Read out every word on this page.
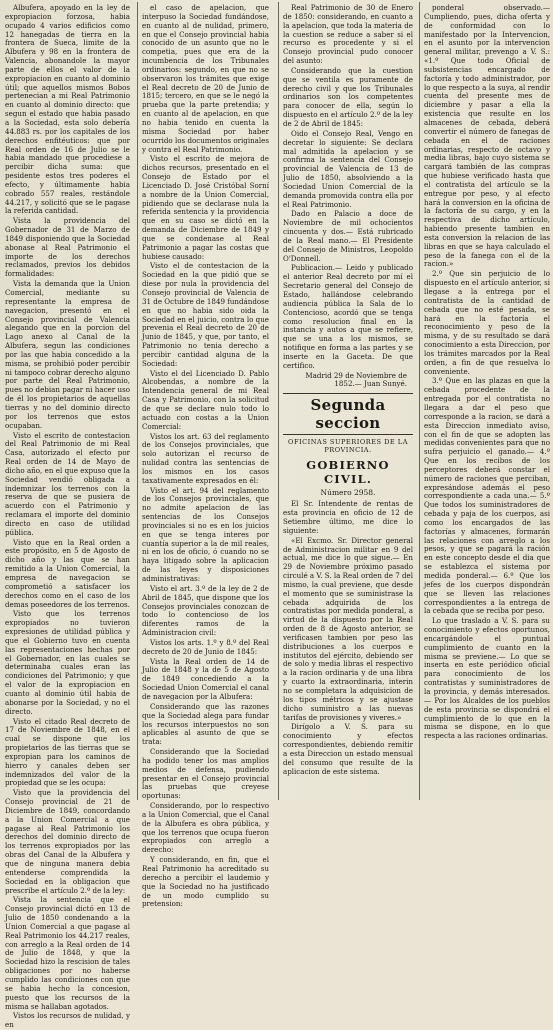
Albufera, apoyado en la ley de expropiacion forzosa, habia ocupado 4 varios edificios como 12 hanegadas de tierra en la frontera de Sueca, limite de la Albufera y 98 en la frontera de Valencia, abonandole la mayor parte de ellos el valor de la expropiacion en cuanto al dominio útil; que aquellos mismos Bobos pertenecian a mi Real Patrimonio en cuanto al dominio directo: que segun el estado que habia pasado a la Sociedad, esta solo debería 44.883 rs. por los capitales de los derechos enfitéuticos: que por Real orden de 16 de Julio se le habia mandado que procediese a percibir dicha suma: que pesidente estos tres poderes el efecto, y últimamente habia cobrado 557 reales, restándole 44.217, y solicitó que se le pagase la referida cantidad.

Vista la providencia del Gobernador de 31 de Marzo de 1849 disponiendo que la Sociedad abonase al Real Patrimonio el importe de los derechos reclamados, previos los debidos formalidades:

Vista la demanda que la Union Comercial, mediante su representante la empresa de navegacion, presentó en el Consejo provincial de Valencia alegando que en la porcion del Lago anexo al Canal de la Albufera, segun las condiciones por las que habia concedido a la misma, se prohibió poder percibir ni tampoco cobrar derecho alguno por parte del Real Patrimonio, pues no debian pagar ni hacer uso de él los propietarios de aquellas tierras y no del dominio directo por los terrenos que estos ocupaban.

Visto el escrito de contestacion del Real Patrimonio de mi Real Casa, autorizado el efecto por Real orden de 14 de Mayo de dicho año, en el que expuso que la Sociedad vendió obligada a indemnizar los terrenos con la reserva de que se pusiera de acuerdo con el Patrimonio y reclamara el importe del dominio directo en caso de utilidad pública.

Visto que en la Real orden a este propósito, en 5 de Agosto de dicho año y las que se han remitido a la Union Comercial, la empresa de navegacion se comprometió a satisfacer los derechos como en el caso de los demas poseedores de los terrenos.

Visto que los terrenos expropiados no tuvieron expresiones de utilidad pública y que el Gobierno tuvo en cuenta las representaciones hechas por el Gobernador, en las cuales se determinaba cuales eran las condiciones del Patrimonio; y que el valor de la expropiacion en cuanto al dominio útil habia de abonarse por la Sociedad, y no el directo.

Visto el citado Real decreto de 17 de Noviembre de 1848, en el cual se dispone que los propietarios de las tierras que se expropian para los caminos de hierro y canales deben ser indemnizados del valor de la propiedad que se les ocupa:

Visto que la providencia del Consejo provincial de 21 de Diciembre de 1849, concordando a la Union Comercial a que pagase al Real Patrimonio los derechos del dominio directo de los terrenos expropiados por las obras del Canal de la Albufera y que de ninguna manera debia entenderse comprendida la Sociedad en la obligacion que prescribe el artículo 2.º de la ley:

Vista la sentencia que el Consejo provincial dictó en 13 de Julio de 1850 condenando a la Union Comercial a que pagase al Real Patrimonio los 44.217 reales, con arreglo a la Real orden de 14 de Julio de 1848, y que la Sociedad hizo la rescision de tales obligaciones por no haberse cumplido las condiciones con que se habia hecho la concesion, puesto que los recursos de la misma se hallaban agotados.

Vistos los recursos de nulidad, y en

el caso de apelacion, que interpuso la Sociedad fundándose, en cuanto al de nulidad, primero, en que el Consejo provincial habia conocido de un asunto que no le competia, pues que era de la incumbencia de los Tribunales ordinarios: segundo, en que no se observaron los trámites que exige el Real decreto de 20 de Junio de 1815; tercero, en que se le negó la prueba que la parte pretendia; y en cuanto al de apelacion, en que no habia tenido en cuenta la misma Sociedad por haber ocurrido los documentos originales y contra el Real Patrimonio.

Visto el escrito de mejora de dichos recursos, presentado en el Consejo de Estado por el Licenciado D. José Cristóbal Sorní a nombre de la Union Comercial, pidiendo que se declarase nula la referida sentencia y la providencia que en su caso se dictó en la demanda de Diciembre de 1849 y que se condenase al Real Patrimonio a pagar las costas que hubiese causado:

Visto el de contestacion de la Sociedad en la que pidió que se diese por nula la providencia del Consejo provincial de Valencia de 31 de Octubre de 1849 fundándose en que no habia sido oida la Sociedad en el juicio, contra lo que prevenia el Real decreto de 20 de Junio de 1845, y que, por tanto, el Patrimonio no tenia derecho a percibir cantidad alguna de la Sociedad:

Visto el del Licenciado D. Pablo Alcobendas, a nombre de la Intendencia general de mi Real Casa y Patrimonio, con la solicitud de que se declare nulo todo lo actuado con costas a la Union Comercial:

Vistos los art. 63 del reglamento de los Consejos provinciales, que solo autorizan el recurso de nulidad contra las sentencias de los mismos en los casos taxativamente expresados en él:

Visto el art. 94 del reglamento de los Consejos provinciales, que no admite apelacion de las sentencias de los Consejos provinciales si no es en los juicios en que se tenga interes por cuantía superior a la de mil reales, ni en los de oficio, ó cuando no se haya litigado sobre la aplicacion de las leyes y disposiciones administrativas:

Visto el art. 3.º de la ley de 2 de Abril de 1845, que dispone que los Consejos provinciales conozcan de todo lo contencioso de los diferentes ramos de la Administracion civil:

Vistos los arts. 1.º y 8.º del Real decreto de 20 de Junio de 1845:

Vista la Real orden de 14 de Julio de 1848 y la de 5 de Agosto de 1849 concediendo a la Sociedad Union Comercial el canal de navegacion por la Albufera:

Considerando que las razones que la Sociedad alega para fundar los recursos interpuestos no son aplicables al asunto de que se trata:

Considerando que la Sociedad ha podido tener los mas amplios medios de defensa, pudiendo presentar en el Consejo provincial las pruebas que creyese oportunas:

Considerando, por lo respectivo a la Union Comercial, que el Canal de la Albufera es obra pública, y que los terrenos que ocupa fueron expropiados con arreglo a derecho:

Y considerando, en fin, que el Real Patrimonio ha acreditado su derecho a percibir el laudemio y que la Sociedad no ha justificado de un modo cumplido su pretension:

Real Patrimonio de 30 de Enero de 1850: considerando, en cuanto a la apelacion, que toda la materia de la cuestion se reduce a saber si el recurso es procedente y si el Consejo provincial pudo conocer del asunto:

Considerando que la cuestion que se ventila es puramente de derecho civil y que los Tribunales ordinarios son los competentes para conocer de ella, según lo dispuesto en el artículo 2.º de la ley de 2 de Abril de 1845:

Oido el Consejo Real, Vengo en decretar lo siguiente: Se declara mal admitida la apelacion y se confirma la sentencia del Consejo provincial de Valencia de 13 de Julio de 1850, absolviendo a la Sociedad Union Comercial de la demanda promovida contra ella por el Real Patrimonio.

Dado en Palacio a doce de Noviembre de mil ochocientos cincuenta y dos.— Está rubricado de la Real mano.— El Presidente del Consejo de Ministros, Leopoldo O'Donnell.

Publicacion.— Leido y publicado el anterior Real decreto por mí el Secretario general del Consejo de Estado, hallándose celebrando audiencia pública la Sala de lo Contencioso, acordó que se tenga como resolucion final en la instancia y autos a que se refiere, que se una a los mismos, se notifique en forma a las partes y se inserte en la Gaceta. De que certifico.

Madrid 29 de Noviembre de 1852.— Juan Sunyé.

Segunda seccion
OFICINAS SUPERIORES DE LA PROVINCIA.
GOBIERNO CIVIL.
Número 2958.

El Sr. Intendente de rentas de esta provincia en oficio de 12 de Setiembre último, me dice lo siguiente:

«El Excmo. Sr. Director general de Administracion militar en 9 del actual, me dice lo que sigue.— En 29 de Noviembre próximo pasado circulé a V. S. la Real orden de 7 del mismo, la cual previene, que desde el momento que se suministrase la cebada adquirida de los contratistas por medida ponderal, a virtud de la dispuesto por la Real orden de 8 de Agosto anterior, se verificasen tambien por peso las distribuciones a los cuerpos e institutos del ejército, debiendo ser de solo y media libras el respectivo a la racion ordinaria y de una libra y cuarto la extraordinaria, interin no se completara la adquisicion de los tipos métricos y se ajustase dicho suministro a las nuevas tarifas de provisiones y viveres.»

Dirígolo a V. S. para su conocimiento y efectos correspondientes, debiendo remitir a esta Direccion un estado mensual del consumo que resulte de la aplicacion de este sistema.

ponderal observado.— Cumpliendo, pues, dicha oferta y de conformidad con lo manifestado por la Intervencion, en el asunto por la intervencion general militar, prevengo a V. S.: «1.º Que todo Oficial de subsistencias encargado de factoría y todo administrador, por lo que respecto a la suya, al rendir cuenta del presente mes de diciembre y pasar a ella la existencia que resulte en los almacenes de cebada, deberá convertir el número de fanegas de cebada en el de raciones ordinarias, respecto de octavo y media libras, bajo cuyo sistema se cargará también de las compras que hubiese verificado hasta que el contratista del artículo se la entregue por peso, y al efecto hará la conversion en la oficina de la factoría de su cargo, y en la respectiva de dicho artículo, habiendo presente tambien en esta conversion la relacion de las libras en que se haya calculado el peso de la fanega con el de la racion.»

2.º Que sin perjuicio de lo dispuesto en el artículo anterior, si llegase a la entrega por el contratista de la cantidad de cebada que no esté pesada, se hará en la factoría el reconocimiento y peso de la misma, y de su resultado se dará conocimiento a esta Direccion, por los trámites marcados por la Real orden, a fin de que resuelva lo conveniente.

3.º Que en las plazas en que la cebada procedente de la entregada por el contratista no llegara a dar el peso que corresponde a la racion, se dará a esta Direccion inmediato aviso, con el fin de que se adopten las medidas convenientes para que no sufra perjuicio el ganado.— 4.º Que en los recibos de los perceptores deberá constar el número de raciones que perciban, expresándose además el peso correspondiente a cada una.— 5.º Que todos los suministradores de cebada y paja de los cuerpos, asi como los encargados de las factorías y almacenes, formarán las relaciones con arreglo a los pesos, y que se pagará la ración en este concepto desde el dia que se establezca el sistema por medida ponderal.— 6.º Que los jefes de los cuerpos dispondrán que se lleven las relaciones correspondientes a la entrega de la cebada que se reciba por peso.

Lo que traslado a V. S. para su conocimiento y efectos oportunos, encargándole el puntual cumplimiento de cuanto en la misma se previene.— Lo que se inserta en este periódico oficial para conocimiento de los contratistas y suministradores de la provincia, y demás interesados.— Por los Alcaldes de los pueblos de esta provincia se dispondrá el cumplimiento de lo que en la misma se dispone, en lo que respecta a las raciones ordinarias.
